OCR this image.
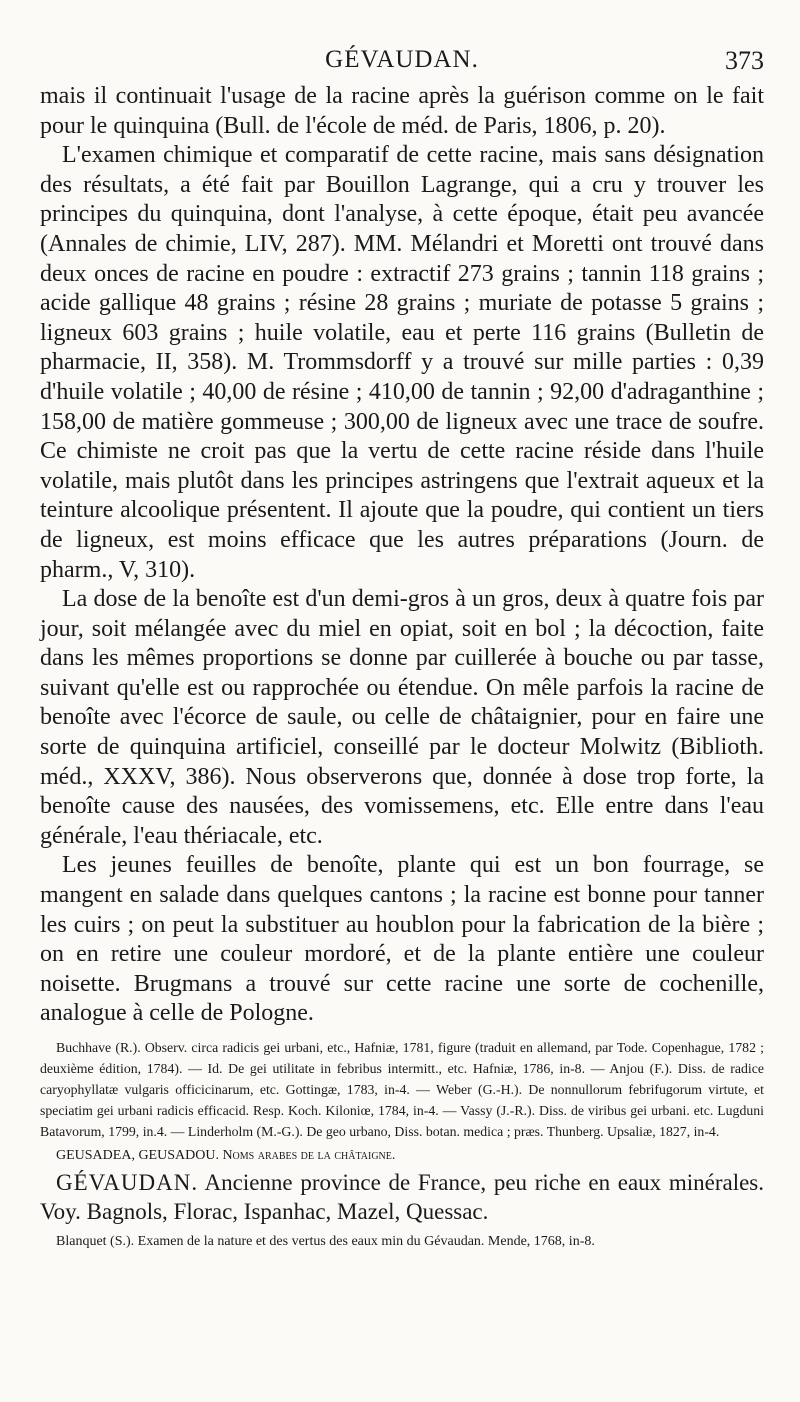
GÉVAUDAN.	373

mais il continuait l'usage de la racine après la guérison comme on le fait pour le quinquina (Bull. de l'école de méd. de Paris, 1806, p. 20).

L'examen chimique et comparatif de cette racine, mais sans désignation des résultats, a été fait par Bouillon Lagrange, qui a cru y trouver les principes du quinquina, dont l'analyse, à cette époque, était peu avancée (Annales de chimie, LIV, 287). MM. Mélandri et Moretti ont trouvé dans deux onces de racine en poudre : extractif 273 grains ; tannin 118 grains ; acide gallique 48 grains ; résine 28 grains ; muriate de potasse 5 grains ; ligneux 603 grains ; huile volatile, eau et perte 116 grains (Bulletin de pharmacie, II, 358). M. Trommsdorff y a trouvé sur mille parties : 0,39 d'huile volatile ; 40,00 de résine ; 410,00 de tannin ; 92,00 d'adraganthine ; 158,00 de matière gommeuse ; 300,00 de ligneux avec une trace de soufre. Ce chimiste ne croit pas que la vertu de cette racine réside dans l'huile volatile, mais plutôt dans les principes astringens que l'extrait aqueux et la teinture alcoolique présentent. Il ajoute que la poudre, qui contient un tiers de ligneux, est moins efficace que les autres préparations (Journ. de pharm., V, 310).

La dose de la benoîte est d'un demi-gros à un gros, deux à quatre fois par jour, soit mélangée avec du miel en opiat, soit en bol ; la décoction, faite dans les mêmes proportions se donne par cuillerée à bouche ou par tasse, suivant qu'elle est ou rapprochée ou étendue. On mêle parfois la racine de benoîte avec l'écorce de saule, ou celle de châtaignier, pour en faire une sorte de quinquina artificiel, conseillé par le docteur Molwitz (Biblioth. méd., XXXV, 386). Nous observerons que, donnée à dose trop forte, la benoîte cause des nausées, des vomissemens, etc. Elle entre dans l'eau générale, l'eau thériacale, etc.

Les jeunes feuilles de benoîte, plante qui est un bon fourrage, se mangent en salade dans quelques cantons ; la racine est bonne pour tanner les cuirs ; on peut la substituer au houblon pour la fabrication de la bière ; on en retire une couleur mordoré, et de la plante entière une couleur noisette. Brugmans a trouvé sur cette racine une sorte de cochenille, analogue à celle de Pologne.

Buchhave (R.). Observ. circa radicis gei urbani, etc., Hafniæ, 1781, figure (traduit en allemand, par Tode. Copenhague, 1782 ; deuxième édition, 1784). — Id. De gei utilitate in febribus intermitt., etc. Hafniæ, 1786, in-8. — Anjou (F.). Diss. de radice caryophyllatæ vulgaris officicinarum, etc. Gottingæ, 1783, in-4. — Weber (G.-H.). De nonnullorum febrifugorum virtute, et speciatim gei urbani radicis efficacid. Resp. Koch. Kiloniœ, 1784, in-4. — Vassy (J.-R.). Diss. de viribus gei urbani. etc. Lugduni Batavorum, 1799, in.4. — Linderholm (M.-G.). De geo urbano, Diss. botan. medica ; præs. Thunberg. Upsaliæ, 1827, in-4.

GEUSADEA, GEUSADOU. Noms arabes de la châtaigne.

GÉVAUDAN. Ancienne province de France, peu riche en eaux minérales. Voy. Bagnols, Florac, Ispanhac, Mazel, Quessac.

Blanquet (S.). Examen de la nature et des vertus des eaux min du Gévaudan. Mende, 1768, in-8.
